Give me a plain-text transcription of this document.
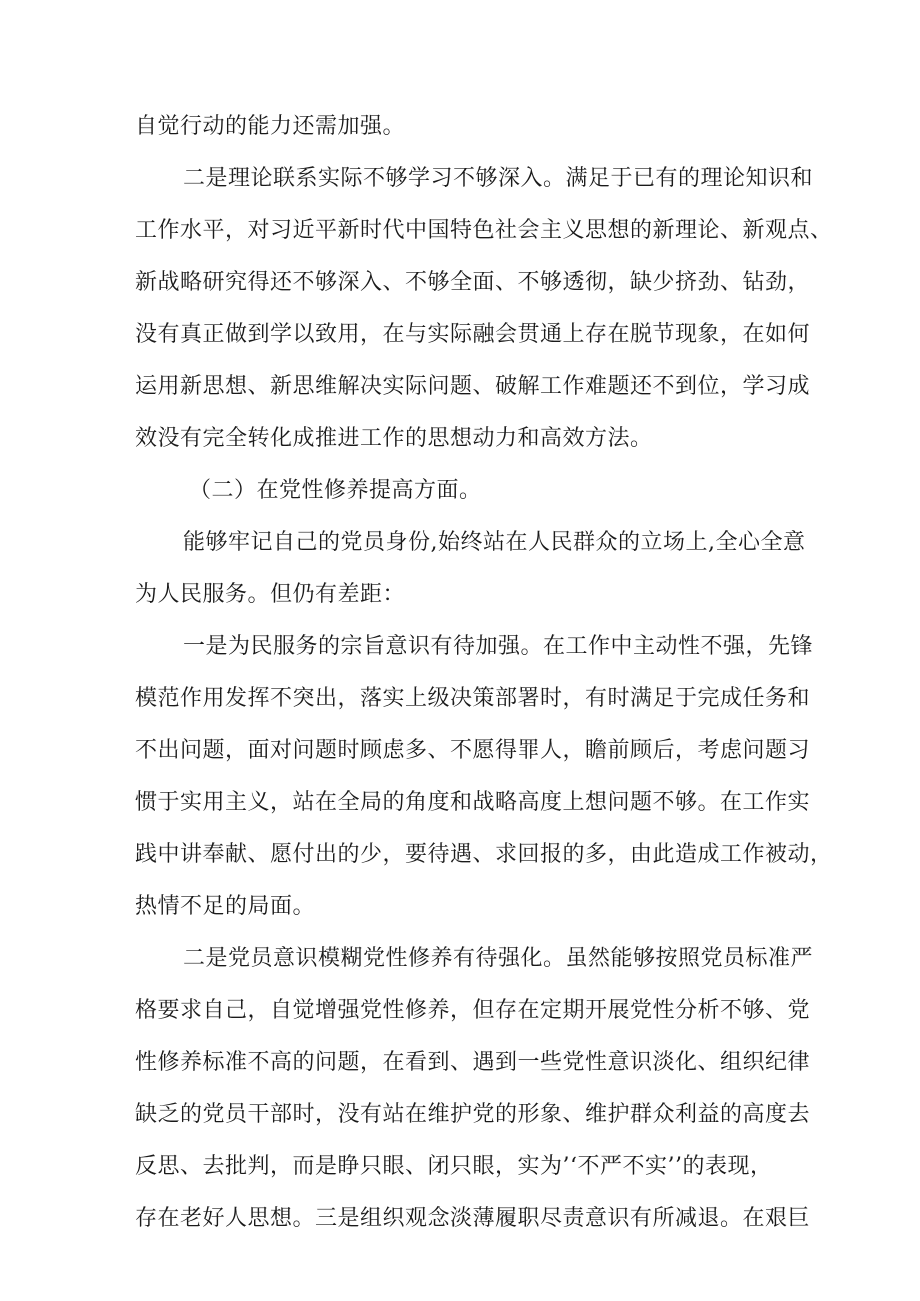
自觉行动的能力还需加强。
二是理论联系实际不够学习不够深入。满足于已有的理论知识和
工作水平，对习近平新时代中国特色社会主义思想的新理论、新观点、
新战略研究得还不够深入、不够全面、不够透彻，缺少挤劲、钻劲，
没有真正做到学以致用，在与实际融会贯通上存在脱节现象，在如何
运用新思想、新思维解决实际问题、破解工作难题还不到位，学习成
效没有完全转化成推进工作的思想动力和高效方法。
（二）在党性修养提高方面。
能够牢记自己的党员身份,始终站在人民群众的立场上,全心全意
为人民服务。但仍有差距：
一是为民服务的宗旨意识有待加强。在工作中主动性不强，先锋
模范作用发挥不突出，落实上级决策部署时，有时满足于完成任务和
不出问题，面对问题时顾虑多、不愿得罪人，瞻前顾后，考虑问题习
惯于实用主义，站在全局的角度和战略高度上想问题不够。在工作实
践中讲奉献、愿付出的少，要待遇、求回报的多，由此造成工作被动，
热情不足的局面。
二是党员意识模糊党性修养有待强化。虽然能够按照党员标准严
格要求自己，自觉增强党性修养，但存在定期开展党性分析不够、党
性修养标准不高的问题，在看到、遇到一些党性意识淡化、组织纪律
缺乏的党员干部时，没有站在维护党的形象、维护群众利益的高度去
反思、去批判，而是睁只眼、闭只眼，实为’‘不严不实’’的表现，
存在老好人思想。三是组织观念淡薄履职尽责意识有所减退。在艰巨
